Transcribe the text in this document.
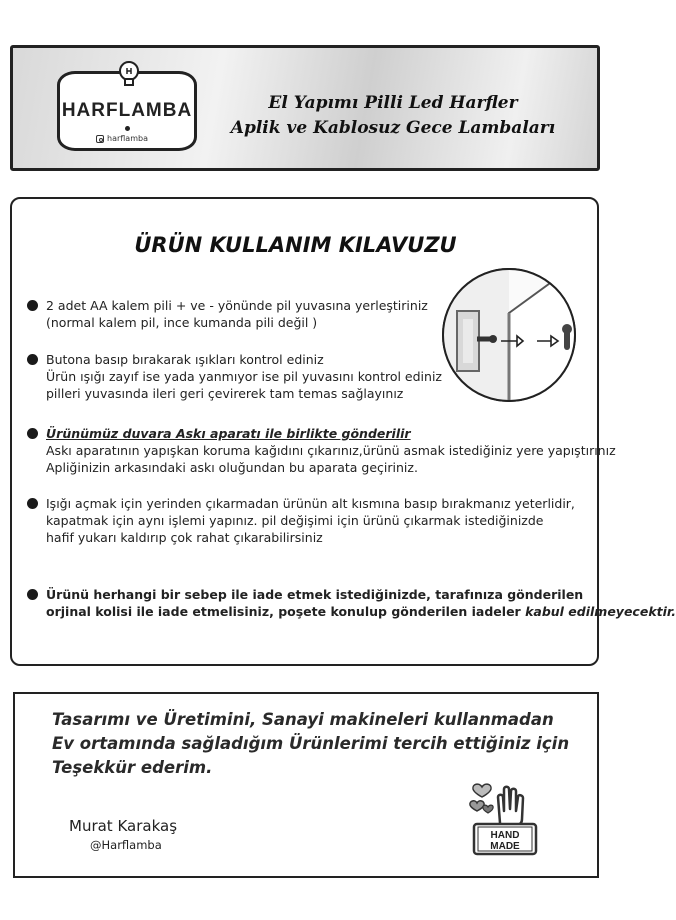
HARFLAMBA
harflamba
El Yapımı Pilli Led Harfler
Aplik ve Kablosuz Gece Lambaları
ÜRÜN KULLANIM KILAVUZU
2 adet AA kalem pili + ve - yönünde pil yuvasına yerleştiriniz
(normal kalem pil, ince kumanda pili değil )
Butona basıp bırakarak ışıkları kontrol ediniz
Ürün ışığı zayıf ise yada yanmıyor ise pil yuvasını kontrol ediniz
pilleri yuvasında ileri geri çevirerek tam temas sağlayınız
Ürünümüz duvara Askı aparatı ile birlikte gönderilir
Askı aparatının yapışkan koruma kağıdını çıkarınız,ürünü asmak istediğiniz yere yapıştırınız
Apliğinizin arkasındaki askı oluğundan bu aparata geçiriniz.
Işığı açmak için yerinden çıkarmadan ürünün alt kısmına basıp bırakmanız yeterlidir,
kapatmak için aynı işlemi yapınız. pil değişimi için ürünü çıkarmak istediğinizde
hafif yukarı kaldırıp çok rahat çıkarabilirsiniz
Ürünü herhangi bir sebep ile iade etmek istediğinizde, tarafınıza gönderilen
orjinal kolisi ile iade etmelisiniz, poşete konulup gönderilen iadeler kabul edilmeyecektir.
Tasarımı ve Üretimini, Sanayi makineleri kullanmadan
Ev ortamında sağladığım Ürünlerimi tercih ettiğiniz için
Teşekkür ederim.
Murat Karakaş
@Harflamba
HAND
MADE
